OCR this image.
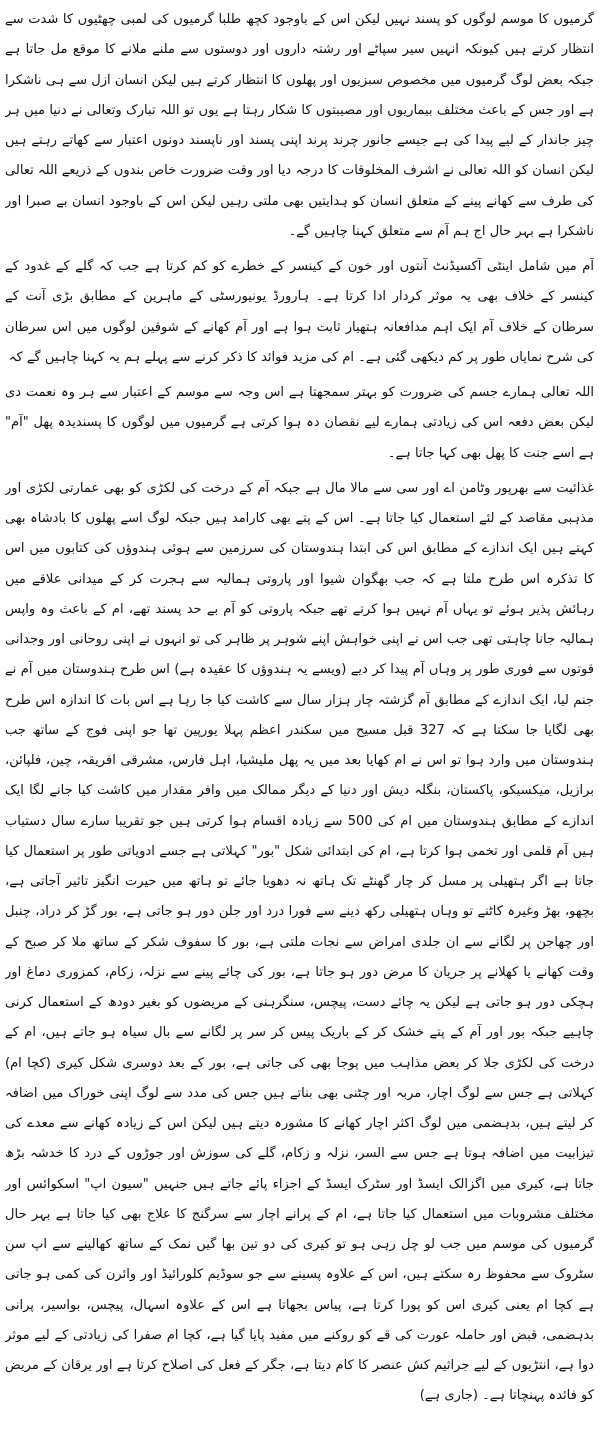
گرمیوں کا موسم لوگوں کو پسند نہیں لیکن اس کے باوجود کچھ طلبا گرمیوں کی لمبی چھٹیوں کا شدت سے انتظار کرتے ہیں کیونکہ انہیں سیر سپاٹے اور رشتہ داروں اور دوستوں سے ملنے ملانے کا موقع مل جاتا ہے جبکہ بعض لوگ گرمیوں میں مخصوص سبزیوں اور پھلوں کا انتظار کرتے ہیں لیکن انسان ازل سے ہی ناشکرا ہے اور جس کے باعث مختلف بیماریوں اور مصیبتوں کا شکار رہتا ہے یوں تو اللہ تبارک وتعالی نے دنیا میں ہر چیز جاندار کے لیے پیدا کی ہے جیسے جانور چرند پرند اپنی پسند اور ناپسند دونوں اعتبار سے کھاتے رہتے ہیں لیکن انسان کو اللہ تعالی نے اشرف المخلوقات کا درجہ دیا اور وقت ضرورت خاص بندوں کے ذریعے اللہ تعالی کی طرف سے کھانے پینے کے متعلق انسان کو ہدایتیں بھی ملتی رہیں لیکن اس کے باوجود انسان بے صبرا اور ناشکرا ہے بہر حال اج ہم آم سے متعلق کہنا چاہیں گے۔

آم میں شامل اینٹی آکسیڈنٹ آنتوں اور خون کے کینسر کے خطرے کو کم کرتا ہے جب کہ گلے کے غدود کے کینسر کے خلاف بھی یہ موثر کردار ادا کرتا ہے۔ ہارورڈ یونیورسٹی کے ماہرین کے مطابق بڑی آنت کے سرطان کے خلاف آم ایک اہم مدافعانہ ہتھیار ثابت ہوا ہے اور آم کھانے کے شوقین لوگوں میں اس سرطان کی شرح نمایاں طور پر کم دیکھی گئی ہے۔ ام کی مزید فوائد کا ذکر کرنے سے پہلے ہم یہ کہنا چاہیں گے کہ

اللہ تعالی ہمارے جسم کی ضرورت کو بہتر سمجھتا ہے اس وجہ سے موسم کے اعتبار سے ہر وہ نعمت دی لیکن بعض دفعہ اس کی زیادتی ہمارے لیے نقصان دہ ہوا کرتی ہے گرمیوں میں لوگوں کا پسندیدہ پھل "آم" ہے اسے جنت کا پھل بھی کہا جاتا ہے۔

غذائیت سے بھرپور وٹامن اے اور سی سے مالا مال ہے جبکہ آم کے درخت کی لکڑی کو بھی عمارتی لکڑی اور مذہبی مقاصد کے لئے استعمال کیا جاتا ہے۔ اس کے پتے بھی کارامد ہیں جبکہ لوگ اسے پھلوں کا بادشاہ بھی کہتے ہیں ایک اندازے کے مطابق اس کی ابتدا ہندوستان کی سرزمین سے ہوئی ہندوؤں کی کتابوں میں اس کا تذکرہ اس طرح ملتا ہے کہ جب بھگوان شیوا اور پاروتی ہمالیہ سے ہجرت کر کے میدانی علاقے میں رہائش پذیر ہوئے تو یہاں آم نہیں ہوا کرتے تھے جبکہ پاروتی کو آم بے حد پسند تھے، ام کے باعث وہ واپس ہمالیہ جانا چاہتی تھی جب اس نے اپنی خواہش اپنے شوہر پر ظاہر کی تو انہوں نے اپنی روحانی اور وجدانی قوتوں سے فوری طور پر وہاں آم پیدا کر دیے (ویسے یہ ہندوؤں کا عقیدہ ہے) اس طرح ہندوستان میں آم نے جنم لیا، ایک اندازے کے مطابق آم گزشتہ چار ہزار سال سے کاشت کیا جا رہا ہے اس بات کا اندازہ اس طرح بھی لگایا جا سکتا ہے کہ 327 قبل مسیح میں سکندر اعظم پہلا یورپین تھا جو اپنی فوج کے ساتھ جب ہندوستان میں وارد ہوا تو اس نے ام کھایا بعد میں یہ پھل ملیشیا، اہل فارس، مشرقی افریقہ، چین، فلپائن، برازیل، میکسیکو، پاکستان، بنگلہ دیش اور دنیا کے دیگر ممالک میں وافر مقدار میں کاشت کیا جانے لگا ایک اندازے کے مطابق ہندوستان میں ام کی 500 سے زیادہ اقسام ہوا کرتی ہیں جو تقریبا سارے سال دستیاب ہیں آم قلمی اور تخمی ہوا کرتا ہے، ام کی ابتدائی شکل "بور" کہلاتی ہے جسے ادویاتی طور پر استعمال کیا جاتا ہے اگر ہتھیلی پر مسل کر چار گھنٹے تک ہاتھ نہ دھویا جائے تو ہاتھ میں حیرت انگیز تاثیر آجاتی ہے، بچھو، بھڑ وغیرہ کاٹنے تو وہاں ہتھیلی رکھ دینے سے فورا درد اور جلن دور ہو جاتی ہے، بور گڑ کر دراد، چنبل اور چھاجن پر لگانے سے ان جلدی امراض سے نجات ملتی ہے، بور کا سفوف شکر کے ساتھ ملا کر صبح کے وقت کھانے یا کھلانے پر جریان کا مرض دور ہو جاتا ہے، بور کی چائے پینے سے نزلہ، زکام، کمزوری دماغ اور ہچکی دور ہو جاتی ہے لیکن یہ چائے دست، پیچس، سنگرہنی کے مریضوں کو بغیر دودھ کے استعمال کرنی چاہیے جبکہ بور اور آم کے پتے خشک کر کے باریک پیس کر سر پر لگانے سے بال سیاہ ہو جاتے ہیں، ام کے درخت کی لکڑی جلا کر بعض مذاہب میں پوجا بھی کی جاتی ہے، بور کے بعد دوسری شکل کیری (کچا ام) کہلاتی ہے جس سے لوگ اچار، مربہ اور چٹنی بھی بناتے ہیں جس کی مدد سے لوگ اپنی خوراک میں اضافہ کر لیتے ہیں، بدہضمی میں لوگ اکثر اچار کھانے کا مشورہ دیتے ہیں لیکن اس کے زیادہ کھانے سے معدے کی تیزابیت میں اضافہ ہوتا ہے جس سے السر، نزلہ و زکام، گلے کی سوزش اور جوڑوں کے درد کا خدشہ بڑھ جاتا ہے، کیری میں اگزالک ایسڈ اور سٹرک ایسڈ کے اجزاء پائے جاتے ہیں جنہیں "سیون اپ" اسکوائس اور مختلف مشروبات میں استعمال کیا جاتا ہے، ام کے پرانے اچار سے سرگنج کا علاج بھی کیا جاتا ہے بہر حال گرمیوں کی موسم میں جب لو چل رہی ہو تو کیری کی دو تین بھا گیں نمک کے ساتھ کھالینے سے اپ سن سٹروک سے محفوظ رہ سکتے ہیں، اس کے علاوہ پسینے سے جو سوڈیم کلورائیڈ اور وائرن کی کمی ہو جاتی ہے کچا ام یعنی کیری اس کو پورا کرتا ہے، پیاس بجھاتا ہے اس کے علاوہ اسہال، پیچس، بواسیر، پرانی بدہضمی، قبض اور حاملہ عورت کی قے کو روکنے میں مفید پایا گیا ہے، کچا ام صفرا کی زیادتی کے لیے موثر دوا ہے، انتڑیوں کے لیے جراثیم کش عنصر کا کام دیتا ہے، جگر کے فعل کی اصلاح کرتا ہے اور یرقان کے مریض کو فائدہ پہنچاتا ہے۔ (جاری ہے)
